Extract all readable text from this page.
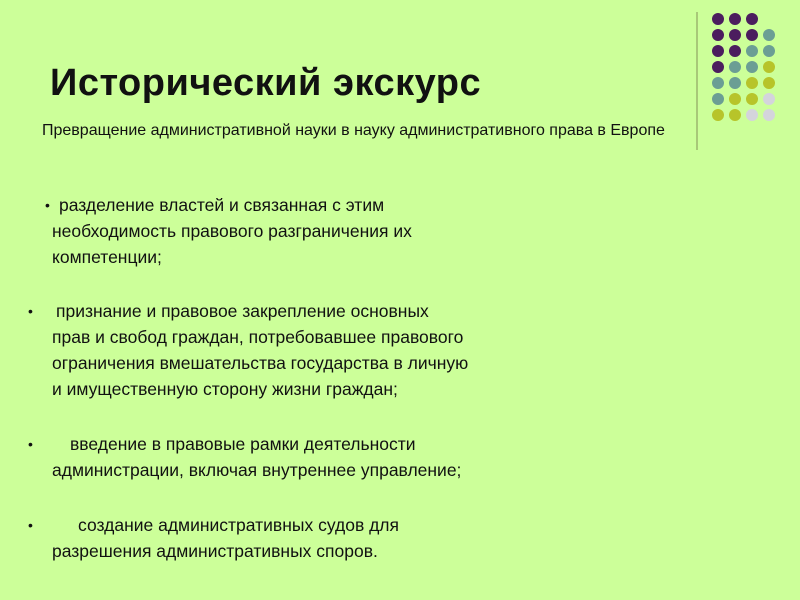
Исторический экскурс

Превращение административной науки в науку административного права в Европе

• разделение властей и связанная с этим
необходимость правового разграничения их
компетенции;
• признание и правовое закрепление основных
прав и свобод граждан, потребовавшее правового
ограничения вмешательства государства в личную
и имущественную сторону жизни граждан;
•	введение в правовые рамки деятельности
администрации, включая внутреннее управление;
•	создание административных судов для
разрешения административных споров.
